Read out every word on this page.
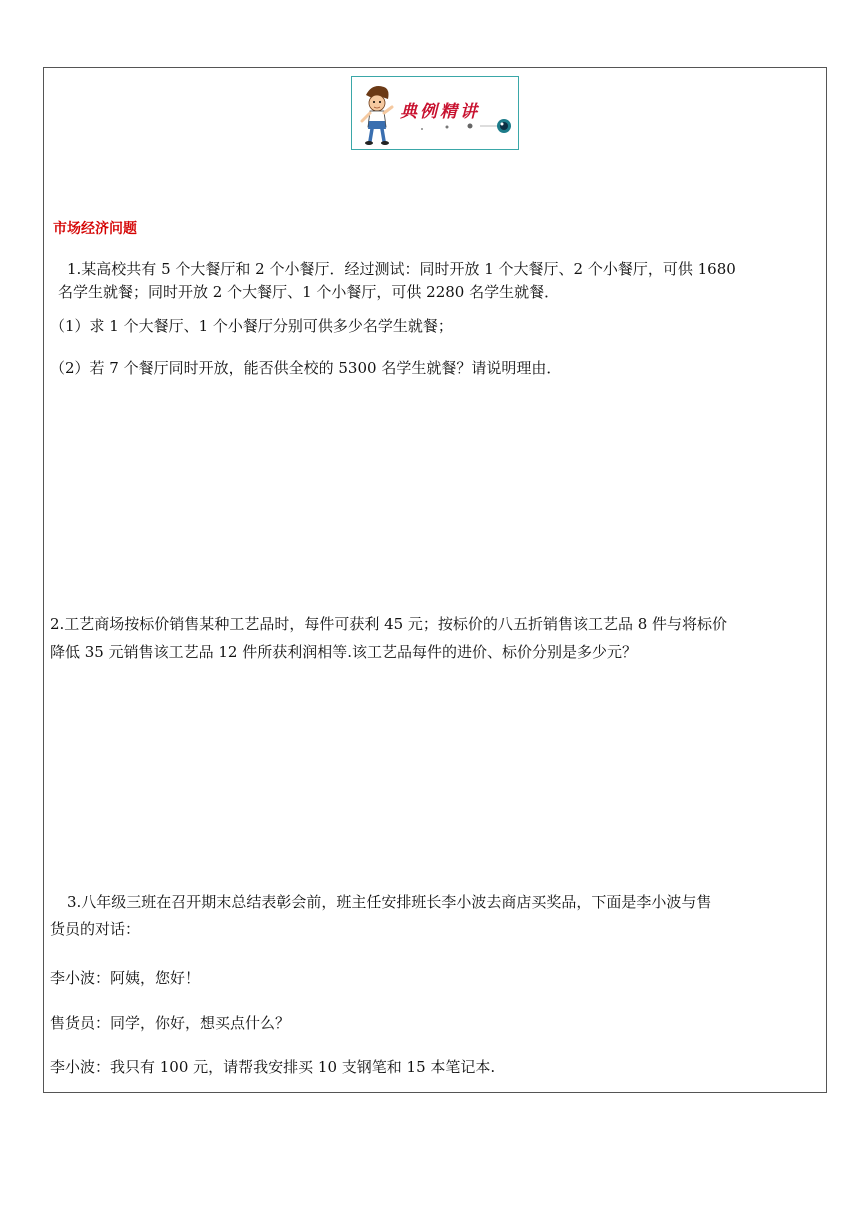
典例精讲
市场经济问题
1.某高校共有 5 个大餐厅和 2 个小餐厅．经过测试：同时开放 1 个大餐厅、2 个小餐厅，可供 1680
名学生就餐；同时开放 2 个大餐厅、1 个小餐厅，可供 2280 名学生就餐．
（1）求 1 个大餐厅、1 个小餐厅分别可供多少名学生就餐；
（2）若 7 个餐厅同时开放，能否供全校的 5300 名学生就餐？请说明理由．
2.工艺商场按标价销售某种工艺品时，每件可获利 45 元；按标价的八五折销售该工艺品 8 件与将标价
降低 35 元销售该工艺品 12 件所获利润相等.该工艺品每件的进价、标价分别是多少元？
3.八年级三班在召开期末总结表彰会前，班主任安排班长李小波去商店买奖品，下面是李小波与售
货员的对话：
李小波：阿姨，您好！
售货员：同学，你好，想买点什么？
李小波：我只有 100 元，请帮我安排买 10 支钢笔和 15 本笔记本.
